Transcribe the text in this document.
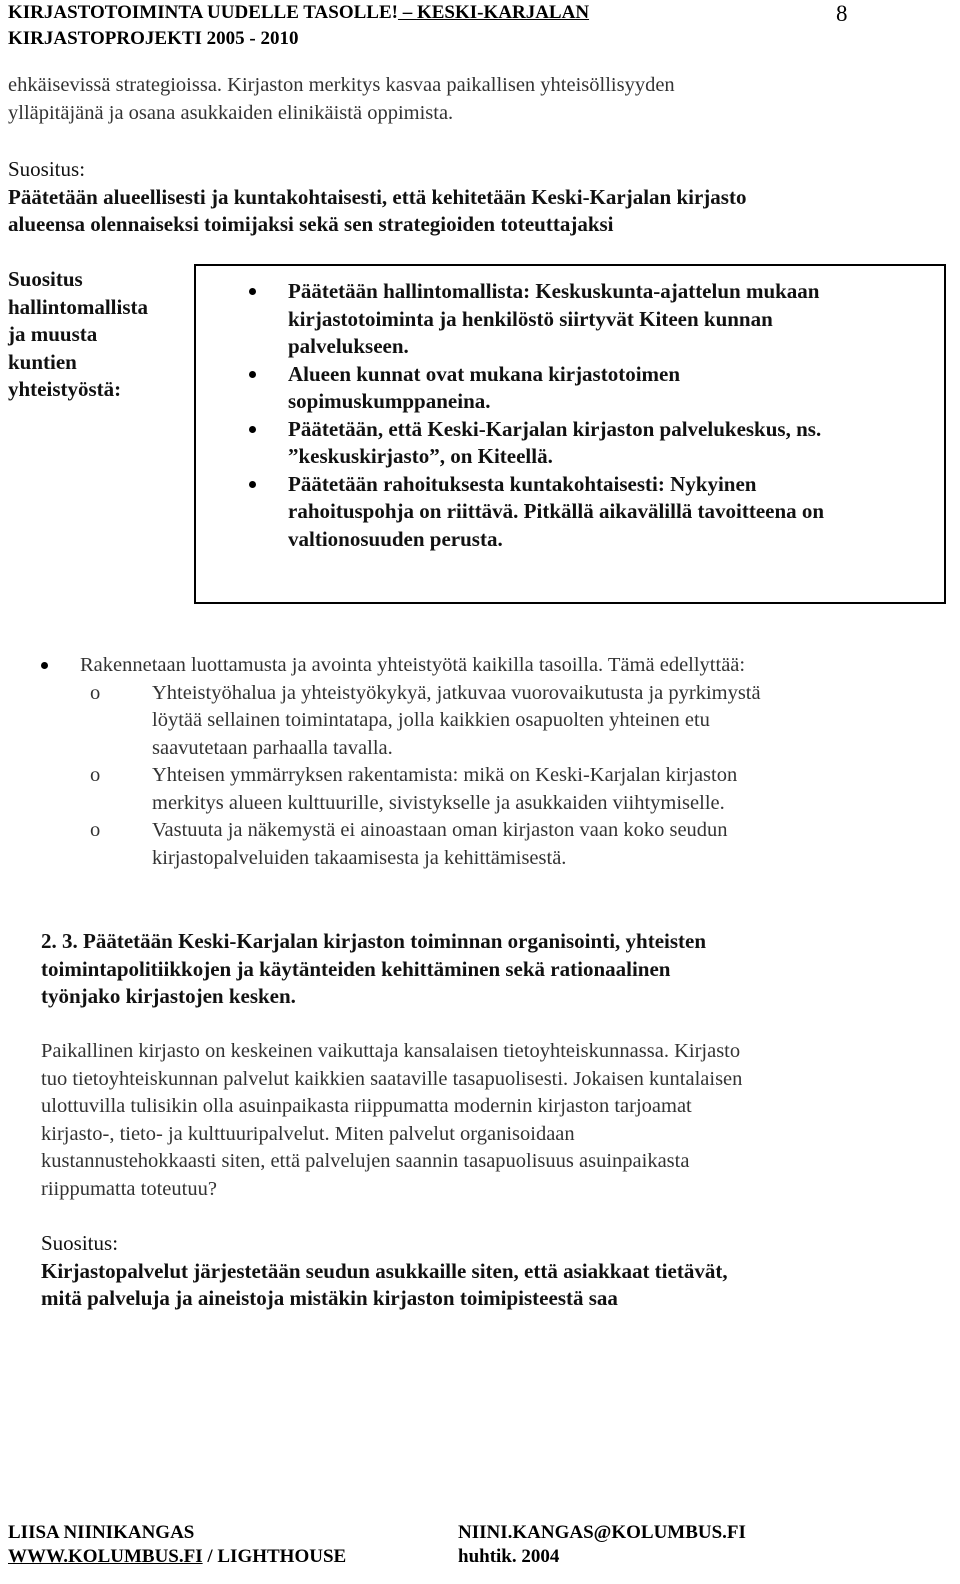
KIRJASTOTOIMINTA UUDELLE TASOLLE! – KESKI-KARJALAN
KIRJASTOPROJEKTI 2005 - 2010
8
ehkäisevissä strategioissa. Kirjaston merkitys kasvaa paikallisen yhteisöllisyyden
ylläpitäjänä ja osana asukkaiden elinikäistä oppimista.
Suositus:
Päätetään alueellisesti ja kuntakohtaisesti, että kehitetään Keski-Karjalan kirjasto
alueensa olennaiseksi toimijaksi sekä sen strategioiden toteuttajaksi
Suositus
hallintomallista
ja muusta
kuntien
yhteistyöstä:
Päätetään hallintomallista: Keskuskunta-ajattelun mukaan
kirjastotoiminta ja henkilöstö siirtyvät Kiteen kunnan
palvelukseen.
Alueen kunnat ovat mukana kirjastotoimen
sopimuskumppaneina.
Päätetään, että Keski-Karjalan kirjaston palvelukeskus, ns.
”keskuskirjasto”, on Kiteellä.
Päätetään rahoituksesta kuntakohtaisesti: Nykyinen
rahoituspohja on riittävä. Pitkällä aikavälillä tavoitteena on
valtionosuuden perusta.
Rakennetaan luottamusta ja avointa yhteistyötä kaikilla tasoilla. Tämä edellyttää:
o	Yhteistyöhalua ja yhteistyökykyä, jatkuvaa vuorovaikutusta ja pyrkimystä
löytää sellainen toimintatapa, jolla kaikkien osapuolten yhteinen etu
saavutetaan parhaalla tavalla.
o	Yhteisen ymmärryksen rakentamista: mikä on Keski-Karjalan kirjaston
merkitys alueen kulttuurille, sivistykselle ja asukkaiden viihtymiselle.
o	Vastuuta ja näkemystä ei ainoastaan oman kirjaston vaan koko seudun
kirjastopalveluiden takaamisesta ja kehittämisestä.
2. 3. Päätetään Keski-Karjalan kirjaston toiminnan organisointi, yhteisten
toimintapolitiikkojen ja käytänteiden kehittäminen sekä rationaalinen
työnjako kirjastojen kesken.
Paikallinen kirjasto on keskeinen vaikuttaja kansalaisen tietoyhteiskunnassa. Kirjasto
tuo tietoyhteiskunnan palvelut kaikkien saataville tasapuolisesti. Jokaisen kuntalaisen
ulottuvilla tulisikin olla asuinpaikasta riippumatta modernin kirjaston tarjoamat
kirjasto-, tieto- ja kulttuuripalvelut. Miten palvelut organisoidaan
kustannustehokkaasti siten, että palvelujen saannin tasapuolisuus asuinpaikasta
riippumatta toteutuu?
Suositus:
Kirjastopalvelut järjestetään seudun asukkaille siten, että asiakkaat tietävät,
mitä palveluja ja aineistoja mistäkin kirjaston toimipisteestä saa
LIISA NIINIKANGAS	NIINI.KANGAS@KOLUMBUS.FI
WWW.KOLUMBUS.FI / LIGHTHOUSE	huhtik. 2004
